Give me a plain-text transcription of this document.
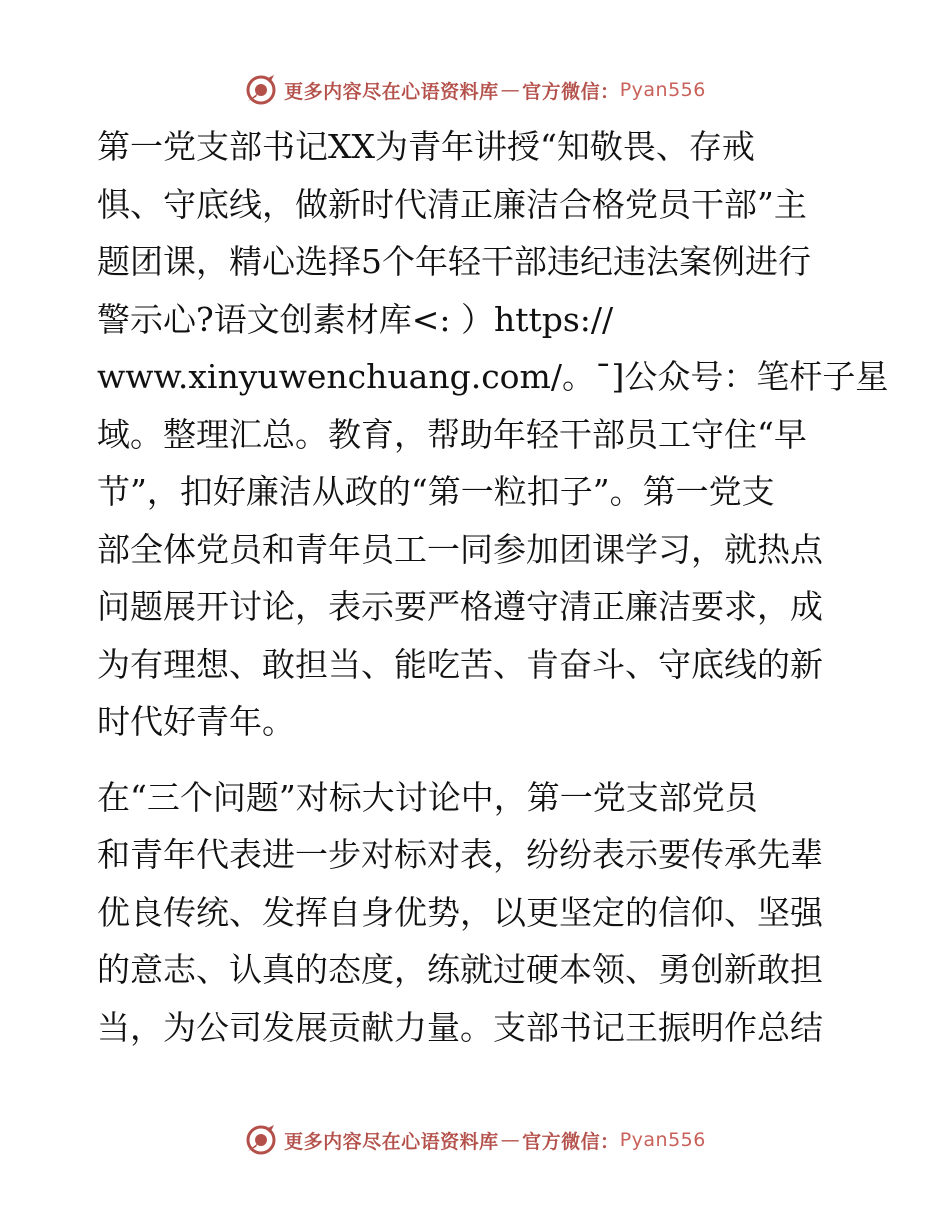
更多内容尽在心语资料库 — 官方微信： Pyan556

第一党支部书记XX为青年讲授“知敬畏、存戒
惧、守底线，做新时代清正廉洁合格党员干部”主
题团课，精心选择5个年轻干部违纪违法案例进行
警示心?语文创素材库<: ）https://
www.xinyuwenchuang.com/。¯]公众号：笔杆子星
域。整理汇总。教育，帮助年轻干部员工守住“早
节”，扣好廉洁从政的“第一粒扣子”。第一党支
部全体党员和青年员工一同参加团课学习，就热点
问题展开讨论，表示要严格遵守清正廉洁要求，成
为有理想、敢担当、能吃苦、肯奋斗、守底线的新
时代好青年。

在“三个问题”对标大讨论中，第一党支部党员
和青年代表进一步对标对表，纷纷表示要传承先辈
优良传统、发挥自身优势，以更坚定的信仰、坚强
的意志、认真的态度，练就过硬本领、勇创新敢担
当，为公司发展贡献力量。支部书记王振明作总结

更多内容尽在心语资料库 — 官方微信： Pyan556
